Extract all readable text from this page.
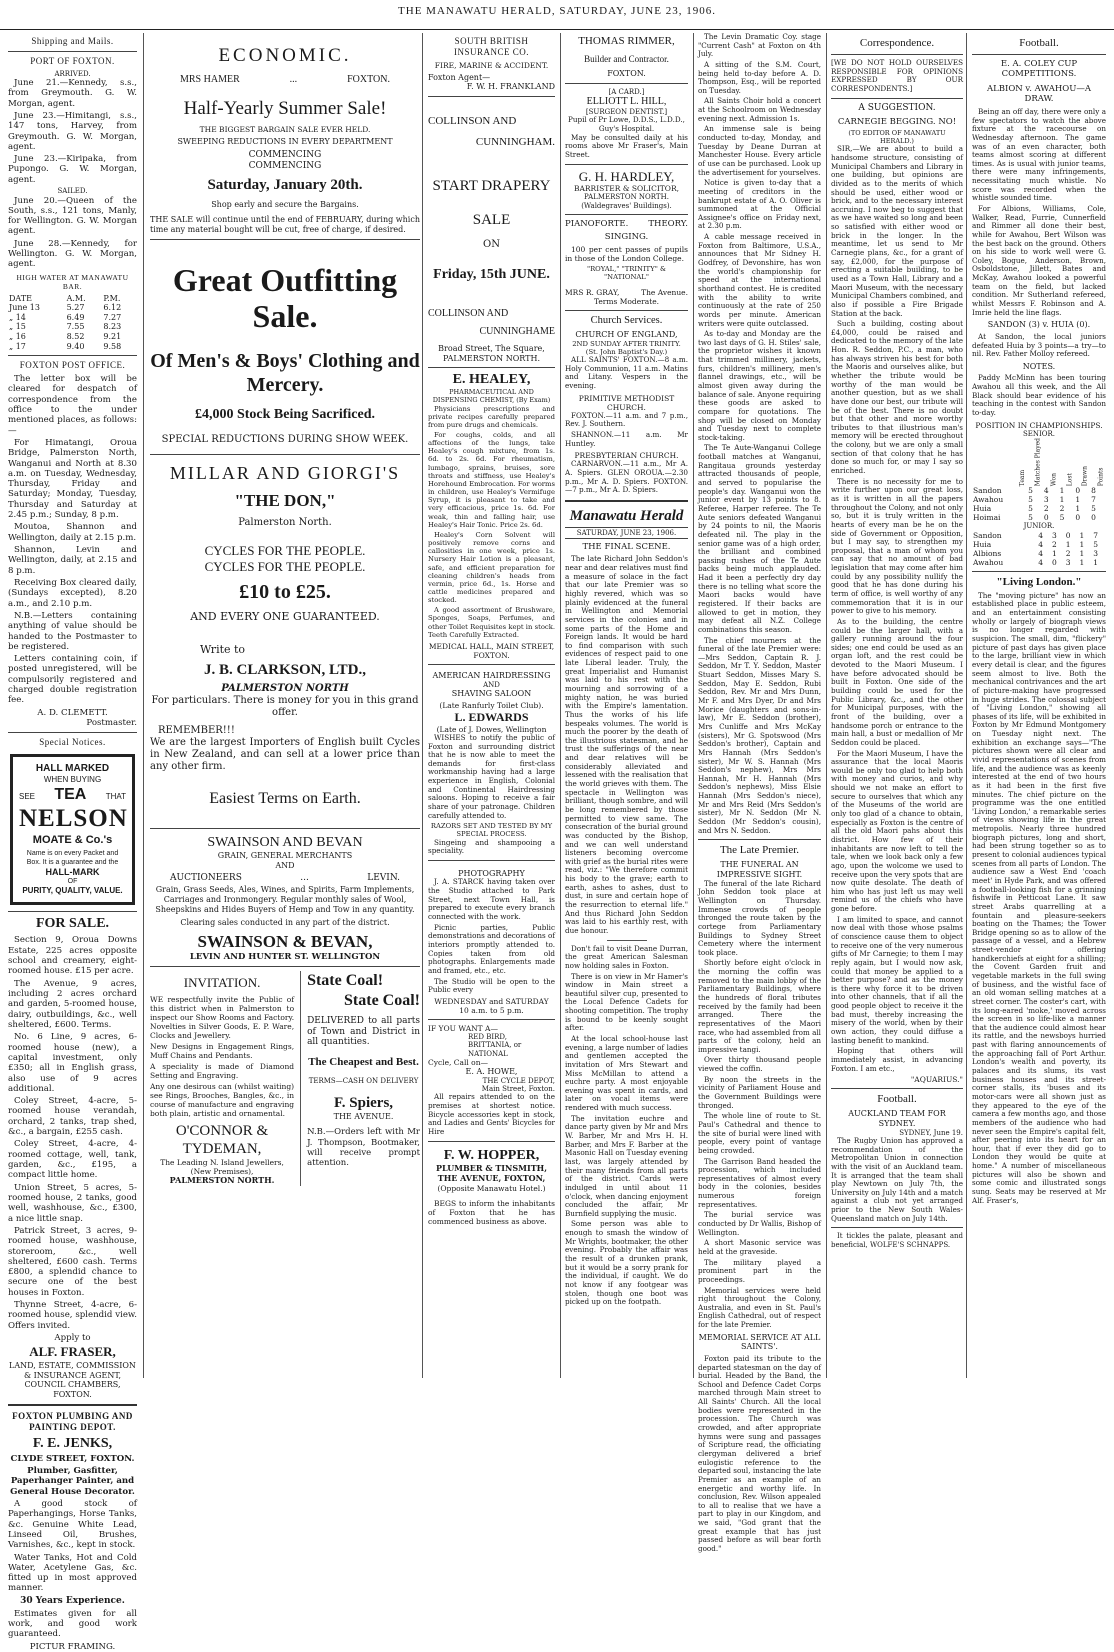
THE MANAWATU HERALD, SATURDAY, JUNE 23, 1906.
Shipping and Mails.
PORT OF FOXTON.
ARRIVED.

June 21.—Kennedy, s.s., from Greymouth. G. W. Morgan, agent.

June 23.—Himitangi, s.s., 147 tons, Harvey, from Greymouth. G. W. Morgan, agent.

June 23.—Kiripaka, from Pupongo. G. W. Morgan, agent.

SAILED.

June 20.—Queen of the South, s.s., 121 tons, Manly, for Wellington. G. W. Morgan agent.

June 28.—Kennedy, for Wellington. G. W. Morgan, agent.

HIGH WATER AT MANAWATU BAR.
DATE	A.M.	P.M.
June 13	5.27	6.12
„ 14	6.49	7.27
„ 15	7.55	8.23
„ 16	8.52	9.21
„ 17	9.40	9.58
FOXTON POST OFFICE.

The letter box will be cleared for despatch of correspondence from the office to the under mentioned places, as follows:—

For Himatangi, Oroua Bridge, Palmerston North, Wanganui and North at 8.30 a.m. on Tuesday, Wednesday, Thursday, Friday and Saturday; Monday, Tuesday, Thursday and Saturday at 2.45 p.m.; Sunday, 8 p.m.

Moutoa, Shannon and Wellington, daily at 2.15 p.m.

Shannon, Levin and Wellington, daily, at 2.15 and 8 p.m.

Receiving Box cleared daily, (Sundays excepted), 8.20 a.m., and 2.10 p.m.

N.B.—Letters containing anything of value should be handed to the Postmaster to be registered.

Letters containing coin, if posted unregistered, will be compulsorily registered and charged double registration fee.

A. D. CLEMETT.
Postmaster.
Special Notices.
HALL MARKED
WHEN BUYING
SEE TEA THAT
NELSON
MOATE & Co.'s
Name is on every Packet and Box. It is a guarantee and the
HALL-MARK
OF
PURITY, QUALITY, VALUE.
FOR SALE.

Section 9, Oroua Downs Estate, 225 acres opposite school and creamery, eight-roomed house. £15 per acre.

The Avenue, 9 acres, including 2 acres orchard and garden, 5-roomed house, dairy, outbuildings, &c., well sheltered, £600. Terms.

No. 6 Line, 9 acres, 6-roomed house (new), a capital investment, only £350; all in English grass, also use of 9 acres additional.

Coley Street, 4-acre, 5-roomed house verandah, orchard, 2 tanks, trap shed, &c., a bargain, £255 cash.

Coley Street, 4-acre, 4-roomed cottage, well, tank, garden, &c., £195, a compact little home.

Union Street, 5 acres, 5-roomed house, 2 tanks, good well, washhouse, &c., £300, a nice little snap.

Patrick Street, 3 acres, 9-roomed house, washhouse, storeroom, &c., well sheltered, £600 cash. Terms £800, a splendid chance to secure one of the best houses in Foxton.

Thynne Street, 4-acre, 6-roomed house, splendid view. Offers invited.

Apply to
ALF. FRASER,
LAND, ESTATE, COMMISSION & INSURANCE AGENT, COUNCIL CHAMBERS, FOXTON.
FOXTON PLUMBING AND PAINTING DEPOT.
F. E. JENKS,
CLYDE STREET, FOXTON.
Plumber, Gasfitter, Paperhanger Painter, and General House Decorator.

A good stock of Paperhangings, Horse Tanks, &c. Genuine White Lead, Linseed Oil, Brushes, Varnishes, &c., kept in stock.

Water Tanks, Hot and Cold Water, Acetylene Gas, &c. fitted up in most approved manner.

30 Years Experience.

Estimates given for all work, and good work guaranteed.

PICTUR FRAMING.
ECONOMIC.
MRS HAMER	...	FOXTON.
Half-Yearly Summer Sale!
THE BIGGEST BARGAIN SALE EVER HELD.
SWEEPING REDUCTIONS IN EVERY DEPARTMENT
COMMENCING
COMMENCING
Saturday, January 20th.
Shop early and secure the Bargains.

THE SALE will continue until the end of FEBRUARY, during which time any material bought will be cut, free of charge, if desired.

Great Outfitting Sale.
Of Men's & Boys' Clothing and Mercery.
£4,000 Stock Being Sacrificed.
SPECIAL REDUCTIONS DURING SHOW WEEK.
MILLAR AND GIORGI'S
"THE DON,"
Palmerston North.
CYCLES FOR THE PEOPLE.
CYCLES FOR THE PEOPLE.
£10 to £25.
AND EVERY ONE GUARANTEED.
Write to
J. B. CLARKSON, LTD.,
PALMERSTON NORTH

For particulars. There is money for you in this grand offer.

REMEMBER!!!

We are the largest Importers of English built Cycles in New Zealand, and can sell at a lower price than any other firm.

Easiest Terms on Earth.
SWAINSON AND BEVAN
GRAIN, GENERAL MERCHANTS
AND
AUCTIONEERS	...	LEVIN.

Grain, Grass Seeds, Ales, Wines, and Spirits, Farm Implements, Carriages and Ironmongery. Regular monthly sales of Wool, Sheepskins and Hides Buyers of Hemp and Tow in any quantity.

Clearing sales conducted in any part of the district.
SWAINSON & BEVAN,
LEVIN AND HUNTER ST. WELLINGTON
INVITATION.

WE respectfully invite the Public of this district when in Palmerston to inspect our Show Rooms and Factory. Novelties in Silver Goods, E. P. Ware, Clocks and Jewellery.

New Designs in Engagement Rings, Muff Chains and Pendants.

A speciality is made of Diamond Setting and Engraving.

Any one desirous can (whilst waiting) see Rings, Brooches, Bangles, &c., in course of manufacture and engraving both plain, artistic and ornamental.

O'CONNOR &
TYDEMAN,
The Leading N. Island Jewellers, (New Premises),
PALMERSTON NORTH.
State Coal!
State Coal!

DELIVERED to all parts of Town and District in all quantities.

The Cheapest and Best.
TERMS—CASH ON DELIVERY
F. Spiers,
THE AVENUE.

N.B.—Orders left with Mr J. Thompson, Bootmaker, will receive prompt attention.

SOUTH BRITISH INSURANCE CO.
FIRE, MARINE & ACCIDENT.
Foxton Agent—
F. W. H. FRANKLAND
COLLINSON AND
CUNNINGHAM.
START DRAPERY
SALE
ON
Friday, 15th JUNE.
COLLINSON AND
CUNNINGHAME
Broad Street, The Square,
PALMERSTON NORTH.
E. HEALEY,
PHARMACEUTICAL AND DISPENSING CHEMIST, (By Exam)

Physicians prescriptions and private recipes carefully prepared from pure drugs and chemicals.

For coughs, colds, and all affections of the lungs, take Healey's cough mixture, from 1s. 6d. to 2s. 6d. For rheumatism, lumbago, sprains, bruises, sore throats and stiffness, use Healey's Horehound Embrocation. For worms in children, use Healey's Vermifuge Syrup, it is pleasant to take and very efficacious, price 1s. 6d. For weak, thin and falling hair, use Healey's Hair Tonic. Price 2s. 6d.

Healey's Corn Solvent will positively remove corns and callosities in one week, price 1s. Nursery Hair Lotion is a pleasant, safe, and efficient preparation for cleaning children's heads from vermin, price 6d., 1s. Horse and cattle medicines prepared and stocked.

A good assortment of Brushware, Sponges, Soaps, Perfumes, and other Toilet Requisites kept in stock. Teeth Carefully Extracted.

MEDICAL HALL, MAIN STREET, FOXTON.
AMERICAN HAIRDRESSING
AND
SHAVING SALOON
(Late Ranfurly Toilet Club).
L. EDWARDS
(Late of J. Dowes, Wellington

WISHES to notify the public of Foxton and surrounding district that he is now able to meet the demands for first-class workmanship having had a large experience in English, Colonial and Continental Hairdressing saloons. Hoping to receive a fair share of your patronage. Children carefully attended to.

RAZORS SET AND TESTED BY MY SPECIAL PROCESS.

Singeing and shampooing a speciality.

PHOTOGRAPHY

J. A. STARCK having taken over the Studio attached to Park Street, next Town Hall, is prepared to execute every branch connected with the work.

Picnic parties, Public demonstrations and decorations of interiors promptly attended to. Copies taken from old photographs. Enlargements made and framed, etc., etc.

The Studio will be open to the Public every

WEDNESDAY and SATURDAY
10 a.m. to 5 p.m.
IF YOU WANT A—
RED BIRD,
BRITTANIA, or
NATIONAL
Cycle, Call on—
E. A. HOWE,
THE CYCLE DEPOT,
Main Street, Foxton.

All repairs attended to on the premises at shortest notice. Bicycle accessories kept in stock, and Ladies and Gents' Bicycles for Hire

F. W. HOPPER,
PLUMBER & TINSMITH,
THE AVENUE, FOXTON,
(Opposite Manawatu Hotel.)

BEGS to inform the inhabitants of Foxton that he has commenced business as above.

THOMAS RIMMER,
Builder and Contractor.
FOXTON.
[A CARD.]
ELLIOTT L. HILL,
[SURGEON DENTIST.]
Pupil of Pr Lowe, D.D.S., L.D.D., Guy's Hospital.

May be consulted daily at his rooms above Mr Fraser's, Main Street.

G. H. HARDLEY,
BARRISTER & SOLICITOR,
PALMERSTON NORTH.
(Waldegraves' Buildings).
PIANOFORTE. THEORY.
SINGING.

100 per cent passes of pupils in those of the London College.

"ROYAL," "TRINITY" & "NATIONAL"
MRS R. GRAY,	The Avenue.
Terms Moderate.
Church Services.
CHURCH OF ENGLAND,
2ND SUNDAY AFTER TRINITY.
(St. John Baptist's Day.)

ALL SAINTS' FOXTON.—8 a.m. Holy Communion, 11 a.m. Matins and Litany. Vespers in the evening.

PRIMITIVE METHODIST CHURCH.

FOXTON.—11 a.m. and 7 p.m., Rev. J. Southern.

SHANNON.—11 a.m. Mr Huntley.

PRESBYTERIAN CHURCH.

CARNARVON.—11 a.m., Mr A. A. Spiers. GLEN OROUA.—2.30 p.m., Mr A. D. Spiers. FOXTON.—7 p.m., Mr A. D. Spiers.

Manawatu Herald
SATURDAY, JUNE 23, 1906.
THE FINAL SCENE.

The late Richard John Seddon's near and dear relatives must find a measure of solace in the fact that our late Premier was so highly revered, which was so plainly evidenced at the funeral in Wellington and Memorial services in the colonies and in some parts of the Home and Foreign lands. It would be hard to find comparison with such evidences of respect paid to one late Liberal leader. Truly, the great Imperialist and Humanist was laid to his rest with the mourning and sorrowing of a mighty nation, he was buried with the Empire's lamentation. Thus the works of his life bespeaks volumes. The world is much the poorer by the death of the illustrious statesman, and he trust the sufferings of the near and dear relatives will be considerably alleviated and lessened with the realisation that the world grieves with them. The spectacle in Wellington was brilliant, though sombre, and will be long remembered by those permitted to view same. The consecration of the burial ground was conducted by the Bishop, and we can well understand listeners becoming overcome with grief as the burial rites were read, viz.: "We therefore commit his body to the grave; earth to earth, ashes to ashes, dust to dust, in sure and certain hope of the resurrection to eternal life." And thus Richard John Seddon was laid to his earthly rest, with due honour.

Don't fail to visit Deane Durran, the great American Salesman now holding sales in Foxton.

There is on view in Mr Hamer's window in Main street a beautiful silver cup, presented to the Local Defence Cadets for shooting competition. The trophy is bound to be keenly sought after.

At the local school-house last evening, a large number of ladies and gentlemen accepted the invitation of Mrs Stewart and Miss McMillan to attend a euchre party. A most enjoyable evening was spent in cards, and later on vocal items were rendered with much success.

The invitation euchre and dance party given by Mr and Mrs W. Barber, Mr and Mrs H. H. Barber, and Mrs F. Barber at the Masonic Hall on Tuesday evening last, was largely attended by their many friends from all parts of the district. Cards were indulged in until about 11 o'clock, when dancing enjoyment concluded the affair, Mr Burnfield supplying the music.

Some person was able to enough to smash the window of Mr Wrights, bootmaker, the other evening. Probably the affair was the result of a drunken prank, but it would be a sorry prank for the individual, if caught. We do not know if any footgear was stolen, though one boot was picked up on the footpath.

The Levin Dramatic Coy. stage "Current Cash" at Foxton on 4th July.

A sitting of the S.M. Court, being held to-day before A. D. Thompson, Esq., will be reported on Tuesday.

All Saints Choir hold a concert at the Schoolroom on Wednesday evening next. Admission 1s.

An immense sale is being conducted to-day, Monday, and Tuesday by Deane Durran at Manchester House. Every article of use can be purchased. Look up the advertisement for yourselves.

Notice is given to-day that a meeting of creditors in the bankrupt estate of A. O. Oliver is summoned at the Official Assignee's office on Friday next, at 2.30 p.m.

A cable message received in Foxton from Baltimore, U.S.A., announces that Mr Sidney H. Godfrey, of Devonshire, has won the world's championship for speed at the international shorthand contest. He is credited with the ability to write continuously at the rate of 250 words per minute. American writers were quite outclassed.

As to-day and Monday are the two last days of G. H. Stiles' sale, the proprietor wishes it known that trimmed millinery, jackets, furs, children's millinery, men's flannel drawings, etc., will be almost given away during the balance of sale. Anyone requiring these goods are asked to compare for quotations. The shop will be closed on Monday and Tuesday next to complete stock-taking.

The Te Aute-Wanganui College football matches at Wanganui, Rangitaua grounds yesterday attracted thousands of people, and served to popularise the people's day. Wanganui won the junior event by 13 points to 8. Referee, Harper referee. The Te Aute seniors defeated Wanganui by 24 points to nil, the Maoris defeated nil. The play in the senior game was of a high order, the brilliant and combined passing rushes of the Te Aute backs being much applauded. Had it been a perfectly dry day there is no telling what score the Maori backs would have registered. If their backs are allowed to get in motion, they may defeat all N.Z. College combinations this season.

The chief mourners at the funeral of the late Premier were:—Mrs Seddon, Captain R. J. Seddon, Mr T. Y. Seddon, Master Stuart Seddon, Misses Mary S. Seddon, May E. Seddon, Rubi Seddon, Rev. Mr and Mrs Dunn, Mr F. and Mrs Dyer, Dr and Mrs Morice (daughters and sons-in-law), Mr E. Seddon (brother), Mrs Cunliffe and Mrs McKay (sisters), Mr G. Spotswood (Mrs Seddon's brother), Captain and Mrs Hannah (Mrs Seddon's sister), Mr W. S. Hannah (Mrs Seddon's nephew), Mrs Mrs Hannah, Mr H. Hannah (Mrs Seddon's nephews), Miss Elsie Hannah (Mrs Seddon's niece), Mr and Mrs Reid (Mrs Seddon's sister), Mr N. Seddon (Mr N. Seddon (Mr Seddon's cousin), and Mrs N. Seddon.

The Late Premier.
THE FUNERAL AN IMPRESSIVE SIGHT.

The funeral of the late Richard John Seddon took place at Wellington on Thursday. Immense crowds of people thronged the route taken by the cortege from Parliamentary Buildings to Sydney Street Cemetery where the interment took place.

Shortly before eight o'clock in the morning the coffin was removed to the main lobby of the Parliamentary Buildings, where the hundreds of floral tributes received by the family had been arranged. There the representatives of the Maori race, who had assembled from all parts of the colony, held an impressive tangi.

Over thirty thousand people viewed the coffin.

By noon the streets in the vicinity of Parliament House and the Government Buildings were thronged.

The whole line of route to St. Paul's Cathedral and thence to the site of burial were lined with people, every point of vantage being crowded.

The Garrison Band headed the procession, which included representatives of almost every body in the colonies, besides numerous foreign representatives.

The burial service was conducted by Dr Wallis, Bishop of Wellington.

A short Masonic service was held at the graveside.

The military played a prominent part in the proceedings.

Memorial services were held right throughout the Colony, Australia, and even in St. Paul's English Cathedral, out of respect for the late Premier.

MEMORIAL SERVICE AT ALL SAINTS'.

Foxton paid its tribute to the departed statesman on the day of burial. Headed by the Band, the School and Defence Cadet Corps marched through Main street to All Saints' Church. All the local bodies were represented in the procession. The Church was crowded, and after appropriate hymns were sung and passages of Scripture read, the officiating clergyman delivered a brief eulogistic reference to the departed soul, instancing the late Premier as an example of an energetic and worthy life. In conclusion, Rev. Wilson appealed to all to realise that we have a part to play in our Kingdom, and we said, "God grant that the great example that has just passed before as will bear forth good."

Correspondence.

[WE DO NOT HOLD OURSELVES RESPONSIBLE FOR OPINIONS EXPRESSED BY OUR CORRESPONDENTS.]

A SUGGESTION.
CARNEGIE BEGGING. NO!
(TO EDITOR OF MANAWATU HERALD.)

SIR,—We are about to build a handsome structure, consisting of Municipal Chambers and Library in one building, but opinions are divided as to the merits of which should be used, either wood or brick, and to the necessary interest accruing. I now beg to suggest that as we have waited so long and been so satisfied with either wood or brick in the longer. In the meantime, let us send to Mr Carnegie plans, &c., for a grant of say, £2,000, for the purpose of erecting a suitable building, to be used as a Town Hall, Library and a Maori Museum, with the necessary Municipal Chambers combined, and also if possible a Fire Brigade Station at the back.

Such a building, costing about £4,000, could be raised and dedicated to the memory of the late Hon. R. Seddon, P.C., a man, who has always striven his best for both the Maoris and ourselves alike, but whether the tribute would be worthy of the man would be another question, but as we shall have done our best, our tribute will be of the best. There is no doubt but that other and more worthy tributes to that illustrious man's memory will be erected throughout the colony, but we are only a small section of that colony that he has done so much for, or may I say so enriched.

There is no necessity for me to write further upon our great loss, as it is written in all the papers throughout the Colony, and not only so, but it is truly written in the hearts of every man be he on the side of Government or Opposition, but I may say, to strengthen my proposal, that a man of whom you can say that no amount of bad legislation that may come after him could by any possibility nullify the good that he has done during his term of office, is well worthy of any commemoration that it is in our power to give to his memory.

As to the building, the centre could be the larger hall, with a gallery running around the four sides; one end could be used as an organ loft, and the rest could be devoted to the Maori Museum. I have before advocated should be built in Foxton. One side of the building could be used for the Public Library, &c., and the other for Municipal purposes, with the front of the building, over a handsome porch or entrance to the main hall, a bust or medallion of Mr Seddon could be placed.

For the Maori Museum, I have the assurance that the local Maoris would be only too glad to help both with money and curios, and why should we not make an effort to secure to ourselves that which any of the Museums of the world are only too glad of a chance to obtain, especially as Foxton is the centre of all the old Maori pahs about this district. How few of their inhabitants are now left to tell the tale, when we look back only a few ago, upon the wolcome we used to receive upon the very spots that are now quite desolate. The death of him who has just left us may well remind us of the chiefs who have gone before.

I am limited to space, and cannot now deal with those whose psalms of conscience cause them to object to receive one of the very numerous gifts of Mr Carnegie; to them I may reply again, but I would now ask, could that money be applied to a better purpose? and as the money is there why force it to be driven into other channels, that if all the good people object to receive it the bad must, thereby increasing the misery of the world, when by their own action, they could diffuse a lasting benefit to mankind.

Hoping that others will immediately assist, in advancing Foxton. I am etc.,

"AQUARIUS."
Football.
AUCKLAND TEAM FOR SYDNEY.
SYDNEY, June 19.

The Rugby Union has approved a recommendation of the Metropolitan Union in connection with the visit of an Auckland team. It is arranged that the team shall play Newtown on July 7th, the University on July 14th and a match against a club not yet arranged prior to the New South Wales-Queensland match on July 14th.

It tickles the palate, pleasant and beneficial, WOLFE'S SCHNAPPS.

Football.
E. A. COLEY CUP COMPETITIONS.
ALBION v. AWAHOU—A DRAW.

Being an off day, there were only a few spectators to watch the above fixture at the racecourse on Wednesday afternoon. The game was of an even character, both teams almost scoring at different times. As is usual with junior teams, there were many infringements, necessitating much whistle. No score was recorded when the whistle sounded time.

For Albions, Williams, Cole, Walker, Read, Furrie, Cunnerfield and Rimmer all done their best, while for Awahou, Bert Wilson was the best back on the ground. Others on his side to work well were G. Coley, Bogue, Anderson, Brown, Osboldstone, Jillett, Bates and McKay, Awahou looked a powerful team on the field, but lacked condition. Mr Sutherland refereed, whilst Messrs F. Robinson and A. Imrie held the line flags.

SANDON (3) v. HUIA (0).

At Sandon, the local juniors defeated Huia by 3 points—a try—to nil. Rev. Father Molloy refereed.

NOTES.

Paddy McMinn has been touring Awahou all this week, and the All Black should bear evidence of his teaching in the contest with Sandon to-day.

POSITION IN CHAMPIONSHIPS.
SENIOR.
Team	Matches Played	Won	Lost	Drawn	Points
Sandon	5	4	1	0	8
Awahou	5	3	1	1	7
Huia	5	2	2	1	5
Hoimai	5	0	5	0	0
JUNIOR.
Sandon	4	3	0	1	7
Huia	4	2	1	1	5
Albions	4	1	2	1	3
Awahou	4	0	3	1	1
"Living London."

The "moving picture" has now an established place in public esteem, and an entertainment consisting wholly or largely of biograph views is no longer regarded with suspicion. The small, dim, "flickery" picture of past days has given place to the large, brilliant view in which every detail is clear, and the figures seem almost to live. Both the mechanical contrivances and the art of picture-making have progressed in huge strides. The colossal subject of "Living London," showing all phases of its life, will be exhibited in Foxton by Mr Edmund Montgomery on Tuesday night next. The exhibition an exchange says—"The pictures shown were all clear and vivid representations of scenes from life, and the audience was as keenly interested at the end of two hours as it had been in the first five minutes. The chief picture on the programme was the one entitled 'Living London,' a remarkable series of views showing life in the great metropolis. Nearly three hundred biograph pictures, long and short, had been strung together so as to present to colonial audiences typical scenes from all parts of London. The audience saw a West End 'coach meet' in Hyde Park, and was offered a football-looking fish for a grinning fishwife in Petticoat Lane. It saw street Arabs quarrelling at a fountain and pleasure-seekers boating on the Thames; the Tower Bridge opening so as to allow of the passage of a vessel, and a Hebrew street-vendor offering handkerchiefs at eight for a shilling; the Covent Garden fruit and vegetable markets in the full swing of business, and the wistful face of an old woman selling matches at a street corner. The coster's cart, with its long-eared 'moke,' moved across the screen in so life-like a manner that the audience could almost hear its rattle, and the newsboys hurried past with flaring announcements of the approaching fall of Port Arthur. London's wealth and poverty, its palaces and its slums, its vast business houses and its street-corner stalls, its 'buses and its motor-cars were all shown just as they appeared to the eye of the camera a few months ago, and those members of the audience who had never seen the Empire's capital felt, after peering into its heart for an hour, that if ever they did go to London they would be quite at home." A number of miscellaneous pictures will also be shown and some comic and illustrated songs sung. Seats may be reserved at Mr Alf. Fraser's,
